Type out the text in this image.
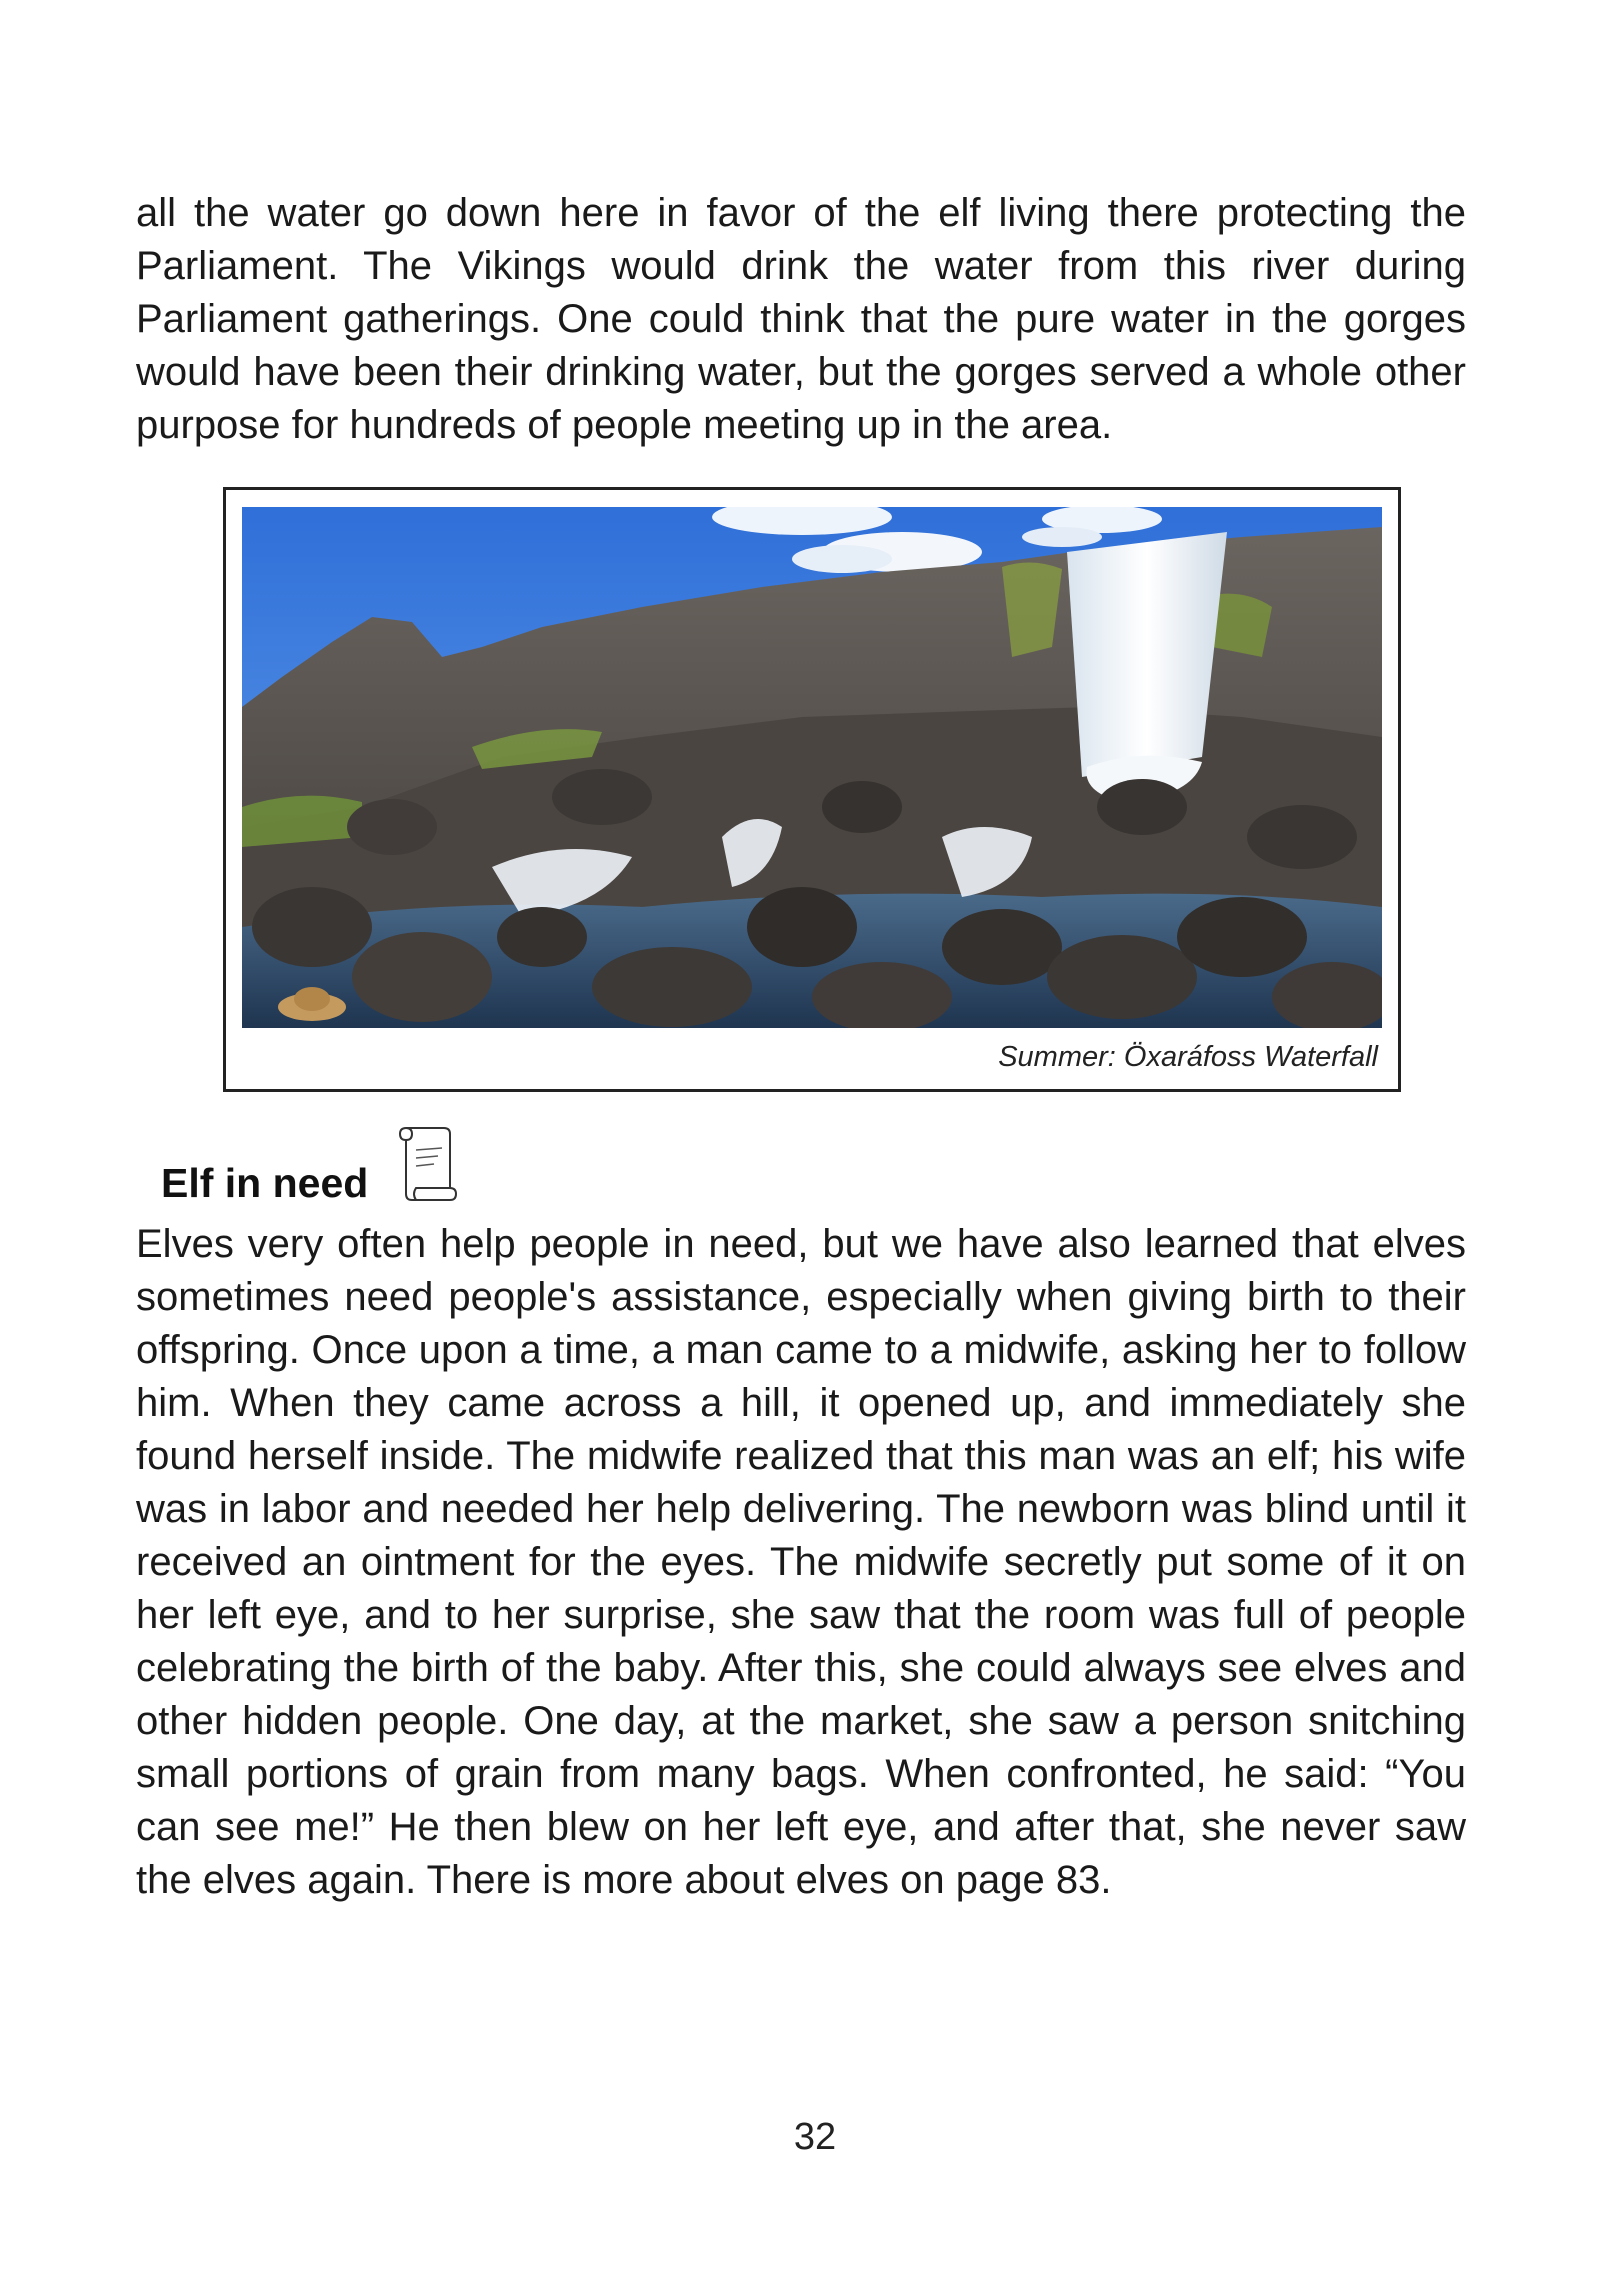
all the water go down here in favor of the elf living there protecting the Parliament. The Vikings would drink the water from this river during Parliament gatherings. One could think that the pure water in the gorges would have been their drinking water, but the gorges served a whole other purpose for hundreds of people meeting up in the area.

Summer: Öxaráfoss Waterfall
Elf in need

Elves very often help people in need, but we have also learned that elves sometimes need people's assistance, especially when giving birth to their offspring. Once upon a time, a man came to a midwife, asking her to follow him. When they came across a hill, it opened up, and immediately she found herself inside. The midwife realized that this man was an elf; his wife was in labor and needed her help delivering. The newborn was blind until it received an ointment for the eyes. The midwife secretly put some of it on her left eye, and to her surprise, she saw that the room was full of people celebrating the birth of the baby. After this, she could always see elves and other hidden people. One day, at the market, she saw a person snitching small portions of grain from many bags. When confronted, he said: “You can see me!” He then blew on her left eye, and after that, she never saw the elves again. There is more about elves on page 83.

32
